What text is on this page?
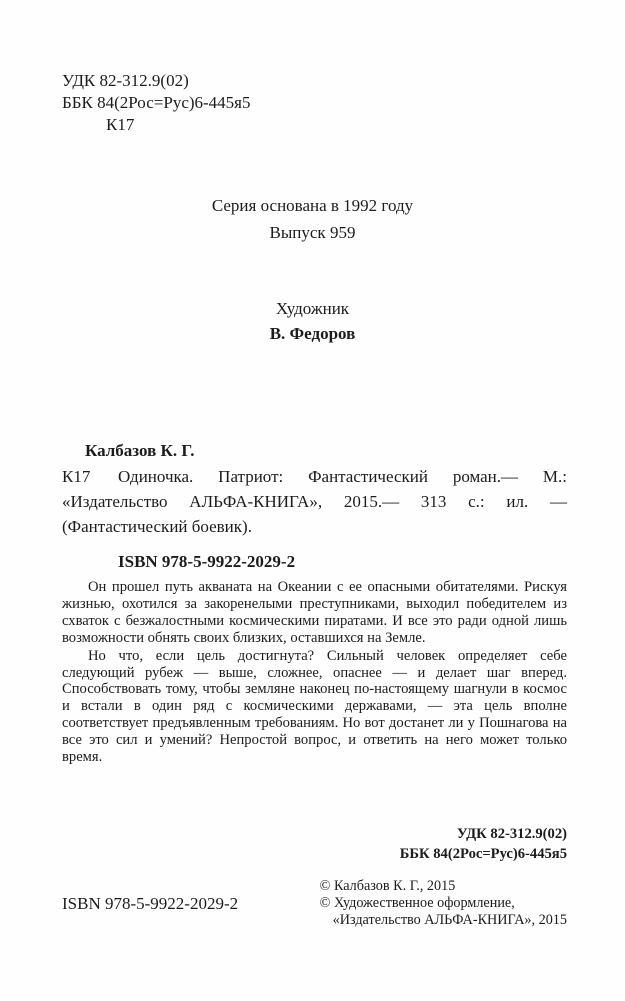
УДК 82-312.9(02)
ББК 84(2Рос=Рус)6-445я5
К17
Серия основана в 1992 году
Выпуск 959
Художник
В. Федоров
Калбазов К. Г.

К17 Одиночка. Патриот: Фантастический роман.— М.: «Издательство АЛЬФА-КНИГА», 2015.— 313 с.: ил. — (Фантастический боевик).

ISBN 978-5-9922-2029-2

Он прошел путь акваната на Океании с ее опасными обитателями. Рискуя жизнью, охотился за закоренелыми преступниками, выходил победителем из схваток с безжалостными космическими пиратами. И все это ради одной лишь возможности обнять своих близких, оставшихся на Земле.

Но что, если цель достигнута? Сильный человек определяет себе следующий рубеж — выше, сложнее, опаснее — и делает шаг вперед. Способствовать тому, чтобы земляне наконец по-настоящему шагнули в космос и встали в один ряд с космическими державами, — эта цель вполне соответствует предъявленным требованиям. Но вот достанет ли у Пошнагова на все это сил и умений? Непростой вопрос, и ответить на него может только время.

УДК 82-312.9(02)
ББК 84(2Рос=Рус)6-445я5
ISBN 978-5-9922-2029-2
© Калбазов К. Г., 2015
© Художественное оформление,
«Издательство АЛЬФА-КНИГА», 2015
